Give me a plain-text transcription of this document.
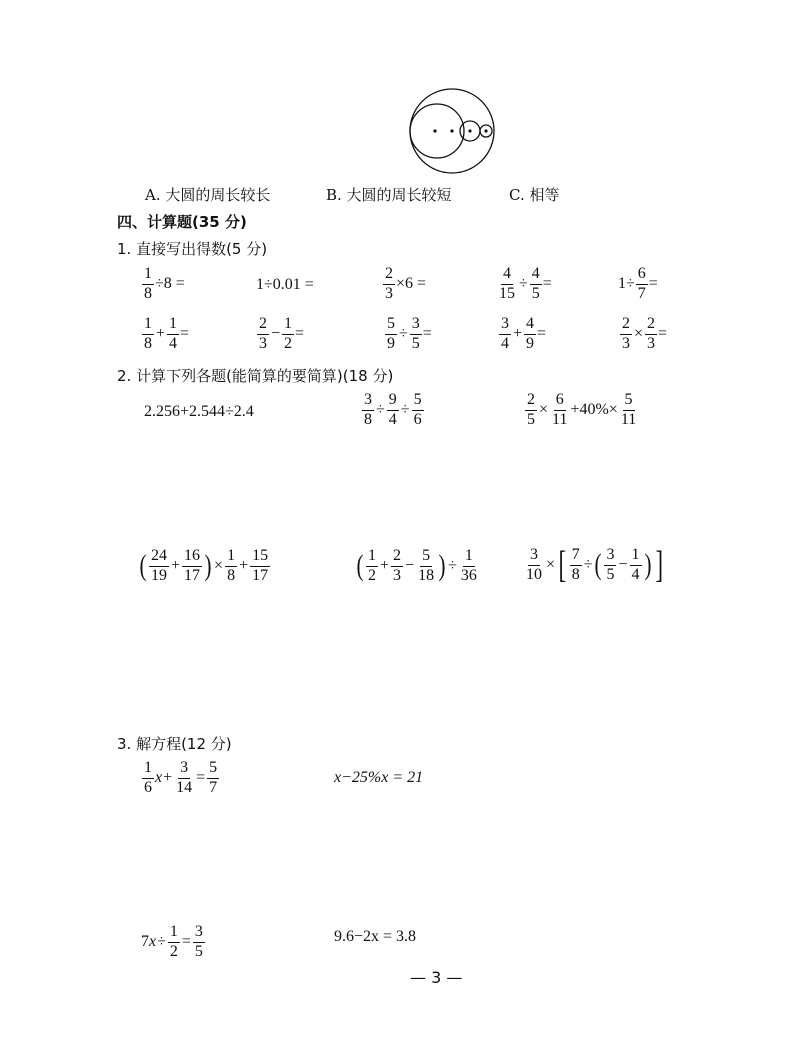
A. 大圆的周长较长	B. 大圆的周长较短	C. 相等
四、计算题(35 分)
1. 直接写出得数(5 分)
$\frac{1}{8} \div 8$ =	1÷0.01 =	$\frac{2}{3} \times 6$ =	$\frac{4}{15} \div \frac{4}{5}$ =	$1\div \frac{6}{7}$ =
$\frac{1}{8} + \frac{1}{4}$ =	$\frac{2}{3} - \frac{1}{2}$ =	$\frac{5}{9} \div \frac{3}{5}$ =	$\frac{3}{4} + \frac{4}{9}$ =	$\frac{2}{3} \times \frac{2}{3}$ =
2. 计算下列各题(能简算的要简算)(18 分)
2.256+2.544÷2.4	$\frac{3}{8} \div \frac{9}{4} \div \frac{5}{6}$	$\frac{2}{5} \times \frac{6}{11} +40\%\times \frac{5}{11}$
( $\frac{24}{19} + \frac{16}{17}$ ) × $\frac{1}{8} + \frac{15}{17}$	( $\frac{1}{2} + \frac{2}{3} - \frac{5}{18}$ ) ÷ $\frac{1}{36}$	$\frac{3}{10}$ × [ $\frac{7}{8}$ ÷ ( $\frac{3}{5} - \frac{1}{4}$ ) ]
3. 解方程(12 分)
$\frac{1}{6}$ $x + \frac{3}{14} = \frac{5}{7}$	x−25%x = 21
7 $x \div \frac{1}{2} = \frac{3}{5}$	9.6−2x = 3.8
— 3 —
